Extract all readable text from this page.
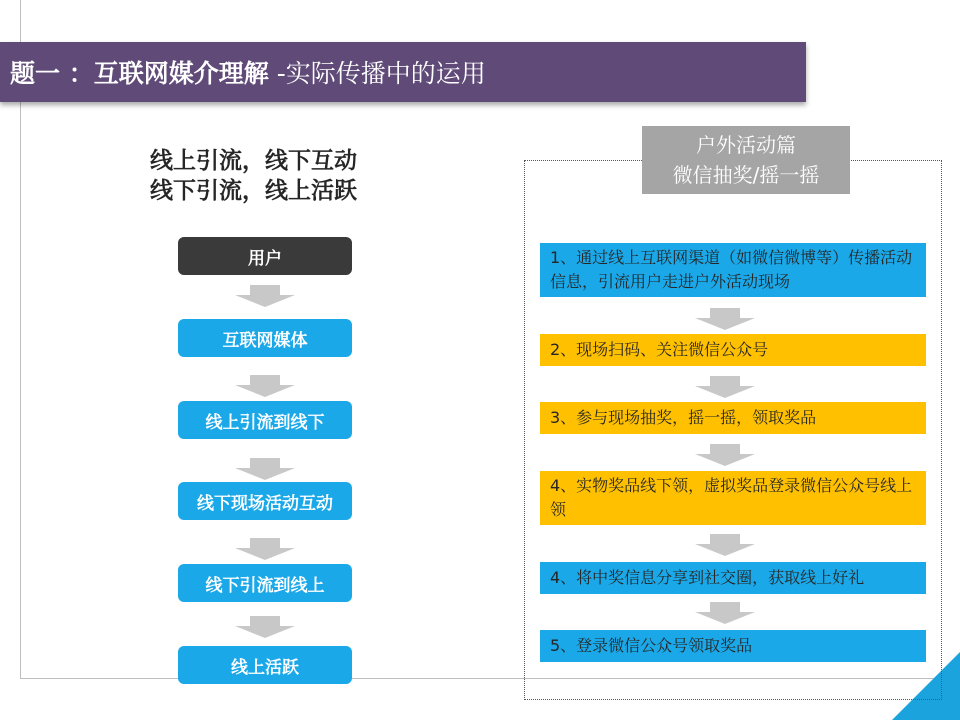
题一 ：互联网媒介理解 -实际传播中的运用
线上引流，线下互动
线下引流，线上活跃
用户
互联网媒体
线上引流到线下
线下现场活动互动
线下引流到线上
线上活跃
户外活动篇
微信抽奖/摇一摇
1、通过线上互联网渠道（如微信微博等）传播活动信息，引流用户走进户外活动现场
2、现场扫码、关注微信公众号
3、参与现场抽奖，摇一摇，领取奖品
4、实物奖品线下领，虚拟奖品登录微信公众号线上领
4、将中奖信息分享到社交圈，获取线上好礼
5、登录微信公众号领取奖品
